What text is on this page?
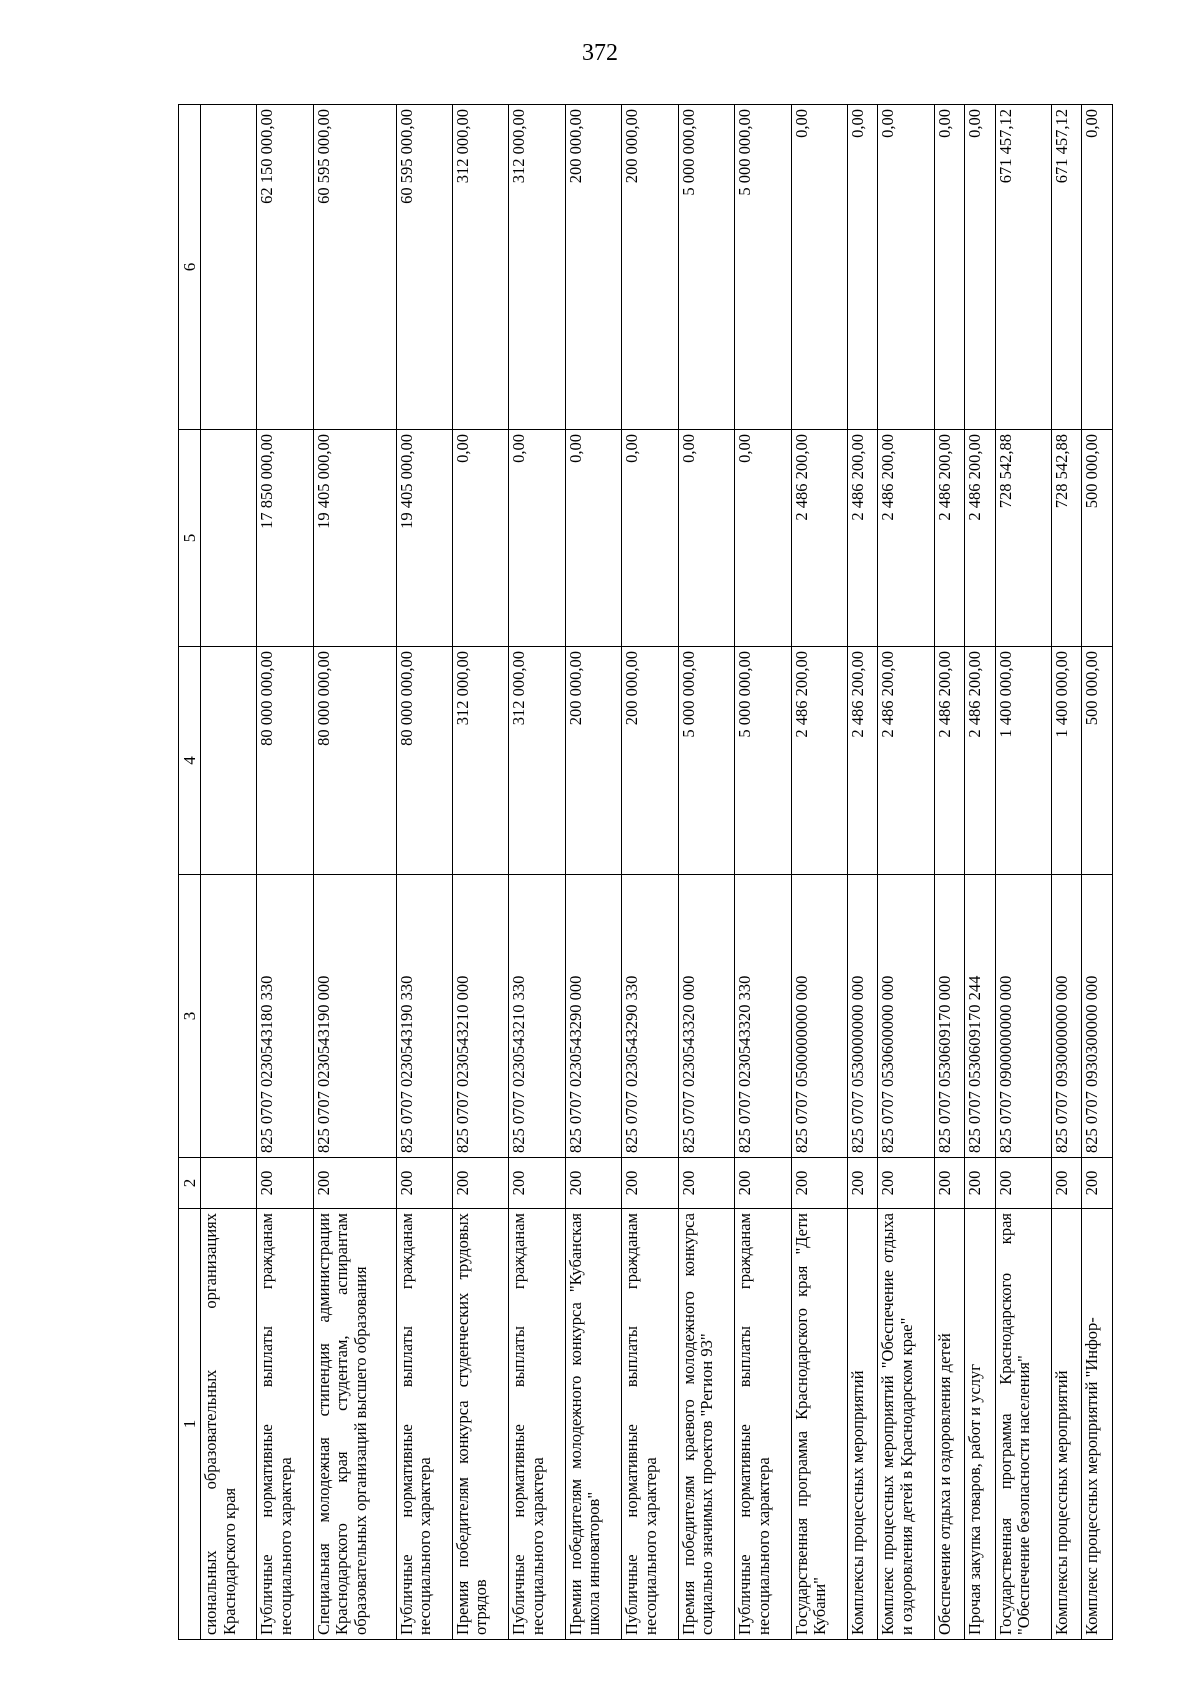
372
1	2	3	4	5	6
сиональных образовательных организациях Краснодарского края					
Публичные нормативные выплаты гражданам несоциального характера	200	825 0707 0230543180 330	80 000 000,00	17 850 000,00	62 150 000,00
Специальная молодежная стипендия администрации Краснодарского края студентам, аспирантам образовательных организаций высшего образования	200	825 0707 0230543190 000	80 000 000,00	19 405 000,00	60 595 000,00
Публичные нормативные выплаты гражданам несоциального характера	200	825 0707 0230543190 330	80 000 000,00	19 405 000,00	60 595 000,00
Премия победителям конкурса студенческих трудовых отрядов	200	825 0707 0230543210 000	312 000,00	0,00	312 000,00
Публичные нормативные выплаты гражданам несоциального характера	200	825 0707 0230543210 330	312 000,00	0,00	312 000,00
Премии победителям молодежного конкурса "Кубанская школа инноваторов"	200	825 0707 0230543290 000	200 000,00	0,00	200 000,00
Публичные нормативные выплаты гражданам несоциального характера	200	825 0707 0230543290 330	200 000,00	0,00	200 000,00
Премия победителям краевого молодежного конкурса социально значимых проектов "Регион 93"	200	825 0707 0230543320 000	5 000 000,00	0,00	5 000 000,00
Публичные нормативные выплаты гражданам несоциального характера	200	825 0707 0230543320 330	5 000 000,00	0,00	5 000 000,00
Государственная программа Краснодарского края "Дети Кубани"	200	825 0707 0500000000 000	2 486 200,00	2 486 200,00	0,00
Комплексы процессных мероприятий	200	825 0707 0530000000 000	2 486 200,00	2 486 200,00	0,00
Комплекс процессных мероприятий "Обеспечение отдыха и оздоровления детей в Краснодарском крае"	200	825 0707 0530600000 000	2 486 200,00	2 486 200,00	0,00
Обеспечение отдыха и оздоровления детей	200	825 0707 0530609170 000	2 486 200,00	2 486 200,00	0,00
Прочая закупка товаров, работ и услуг	200	825 0707 0530609170 244	2 486 200,00	2 486 200,00	0,00
Государственная программа Краснодарского края "Обеспечение безопасности населения"	200	825 0707 0900000000 000	1 400 000,00	728 542,88	671 457,12
Комплексы процессных мероприятий	200	825 0707 0930000000 000	1 400 000,00	728 542,88	671 457,12
Комплекс процессных мероприятий "Инфор-	200	825 0707 0930300000 000	500 000,00	500 000,00	0,00
